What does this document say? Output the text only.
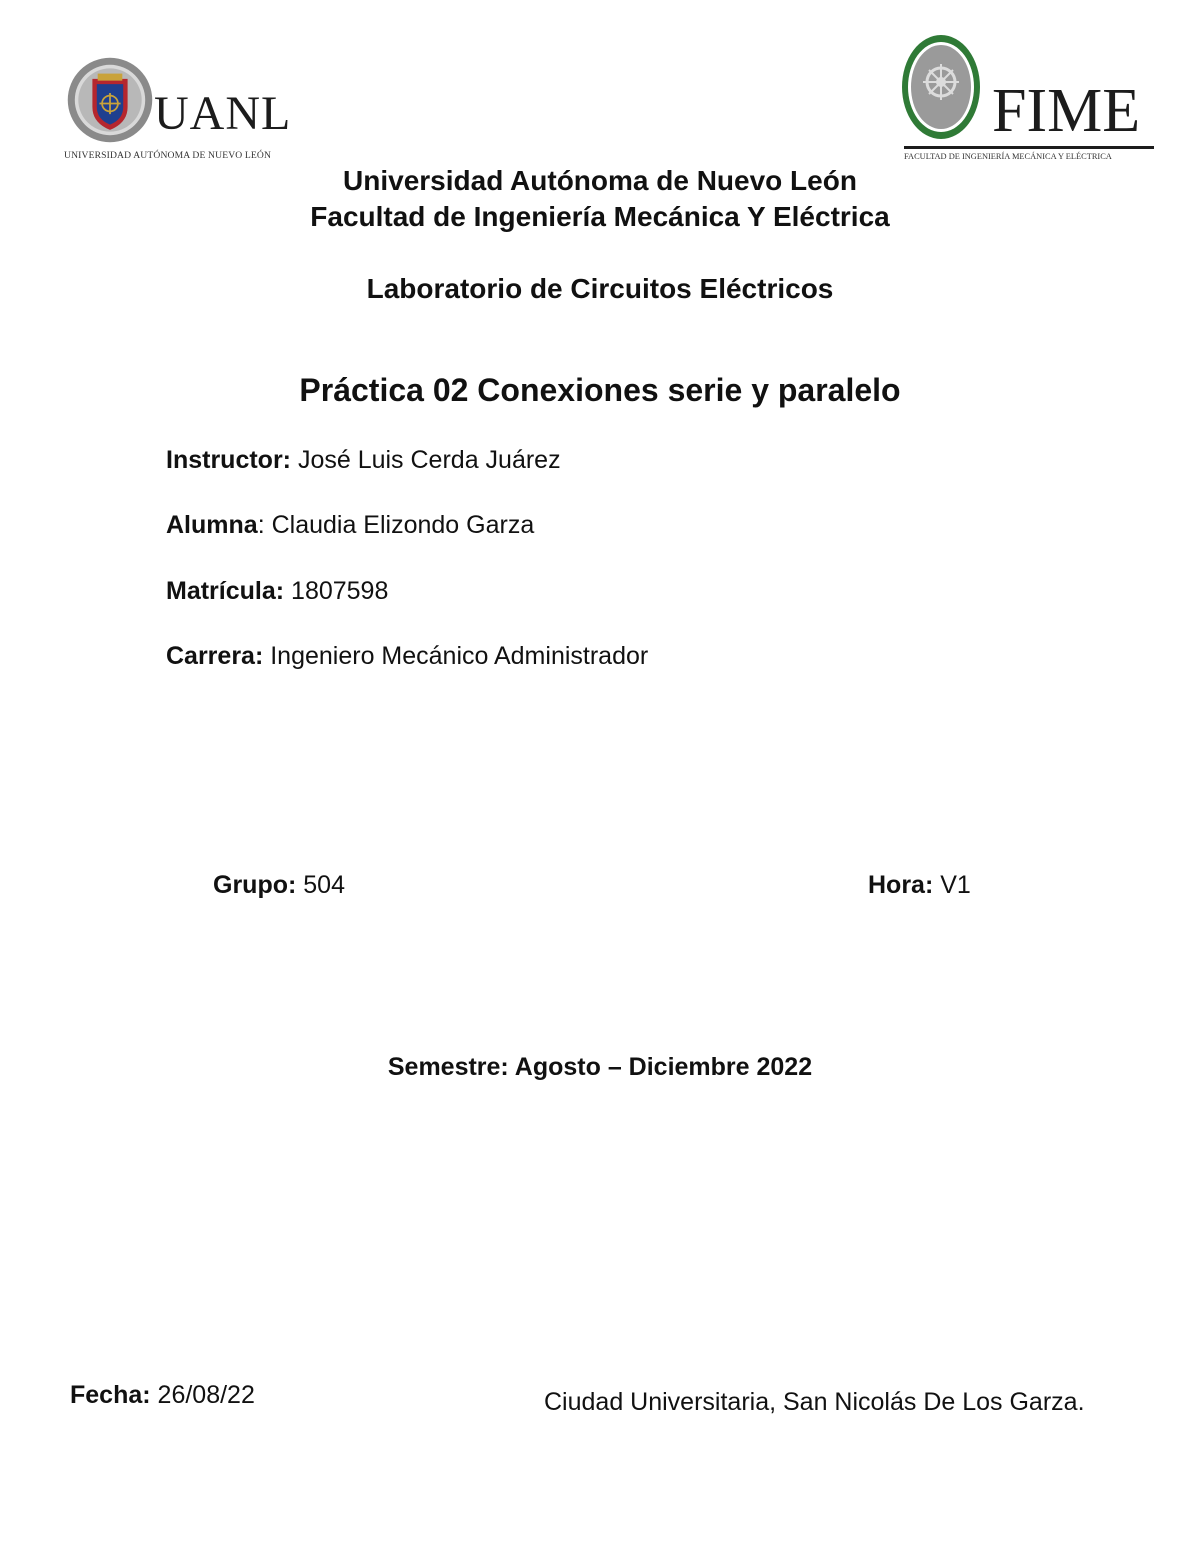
UANL
UNIVERSIDAD AUTÓNOMA DE NUEVO LEÓN
FIME
FACULTAD DE INGENIERÍA MECÁNICA Y ELÉCTRICA
Universidad Autónoma de Nuevo León
Facultad de Ingeniería Mecánica Y Eléctrica
Laboratorio de Circuitos Eléctricos
Práctica 02 Conexiones serie y paralelo
Instructor: José Luis Cerda Juárez
Alumna: Claudia Elizondo Garza
Matrícula: 1807598
Carrera: Ingeniero Mecánico Administrador
Grupo: 504	Hora: V1
Semestre: Agosto – Diciembre 2022
Fecha: 26/08/22	Ciudad Universitaria, San Nicolás De Los Garza.
